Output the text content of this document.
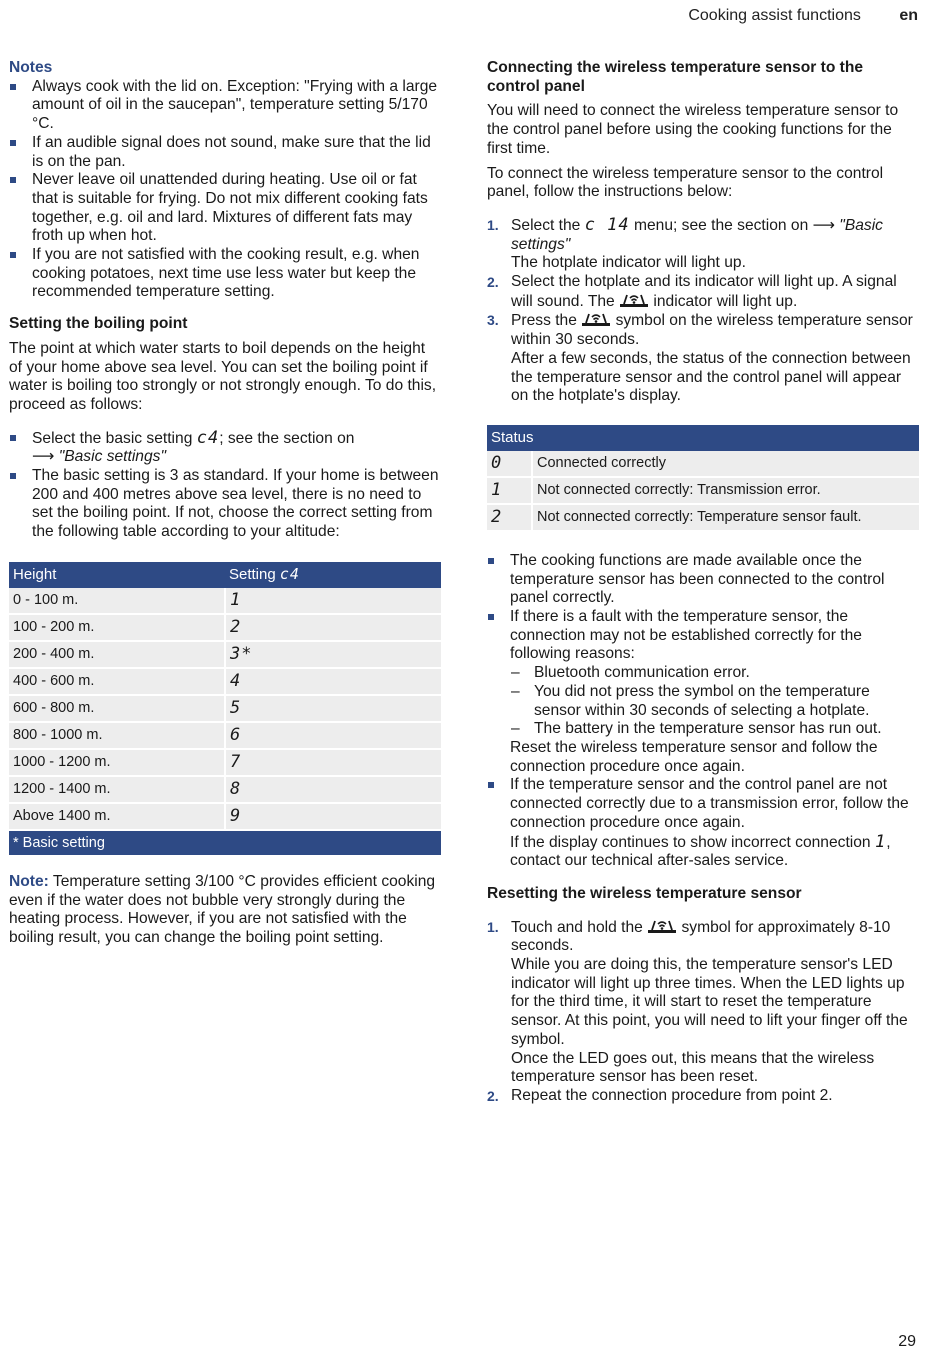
Cooking assist functions en
Notes
Always cook with the lid on. Exception: "Frying with a large amount of oil in the saucepan", temperature setting 5/170 °C.
If an audible signal does not sound, make sure that the lid is on the pan.
Never leave oil unattended during heating. Use oil or fat that is suitable for frying. Do not mix different cooking fats together, e.g. oil and lard. Mixtures of different fats may froth up when hot.
If you are not satisfied with the cooking result, e.g. when cooking potatoes, next time use less water but keep the recommended temperature setting.
Setting the boiling point

The point at which water starts to boil depends on the height of your home above sea level. You can set the boiling point if water is boiling too strongly or not strongly enough. To do this, proceed as follows:

Select the basic setting c4; see the section on
⟶ "Basic settings"
The basic setting is 3 as standard. If your home is between 200 and 400 metres above sea level, there is no need to set the boiling point. If not, choose the correct setting from the following table according to your altitude:
Height	Setting c4
0 - 100 m.	1
100 - 200 m.	2
200 - 400 m.	3*
400 - 600 m.	4
600 - 800 m.	5
800 - 1000 m.	6
1000 - 1200 m.	7
1200 - 1400 m.	8
Above 1400 m.	9
* Basic setting	

Note: Temperature setting 3/100 °C provides efficient cooking even if the water does not bubble very strongly during the heating process. However, if you are not satisfied with the boiling result, you can change the boiling point setting.

Connecting the wireless temperature sensor to the control panel

You will need to connect the wireless temperature sensor to the control panel before using the cooking functions for the first time.

To connect the wireless temperature sensor to the control panel, follow the instructions below:

1. Select the c 14 menu; see the section on ⟶ "Basic settings"
The hotplate indicator will light up.
2. Select the hotplate and its indicator will light up. A signal will sound. The indicator will light up.
3. Press the symbol on the wireless temperature sensor within 30 seconds.
After a few seconds, the status of the connection between the temperature sensor and the control panel will appear on the hotplate's display.
Status	
0	Connected correctly
1	Not connected correctly: Transmission error.
2	Not connected correctly: Temperature sensor fault.
The cooking functions are made available once the temperature sensor has been connected to the control panel correctly.
If there is a fault with the temperature sensor, the connection may not be established correctly for the following reasons:
– Bluetooth communication error.
– You did not press the symbol on the temperature sensor within 30 seconds of selecting a hotplate.
– The battery in the temperature sensor has run out.
Reset the wireless temperature sensor and follow the connection procedure once again.
If the temperature sensor and the control panel are not connected correctly due to a transmission error, follow the connection procedure once again.
If the display continues to show incorrect connection 1, contact our technical after-sales service.
Resetting the wireless temperature sensor
1. Touch and hold the symbol for approximately 8-10 seconds.
While you are doing this, the temperature sensor's LED indicator will light up three times. When the LED lights up for the third time, it will start to reset the temperature sensor. At this point, you will need to lift your finger off the symbol.
Once the LED goes out, this means that the wireless temperature sensor has been reset.
2. Repeat the connection procedure from point 2.
29
